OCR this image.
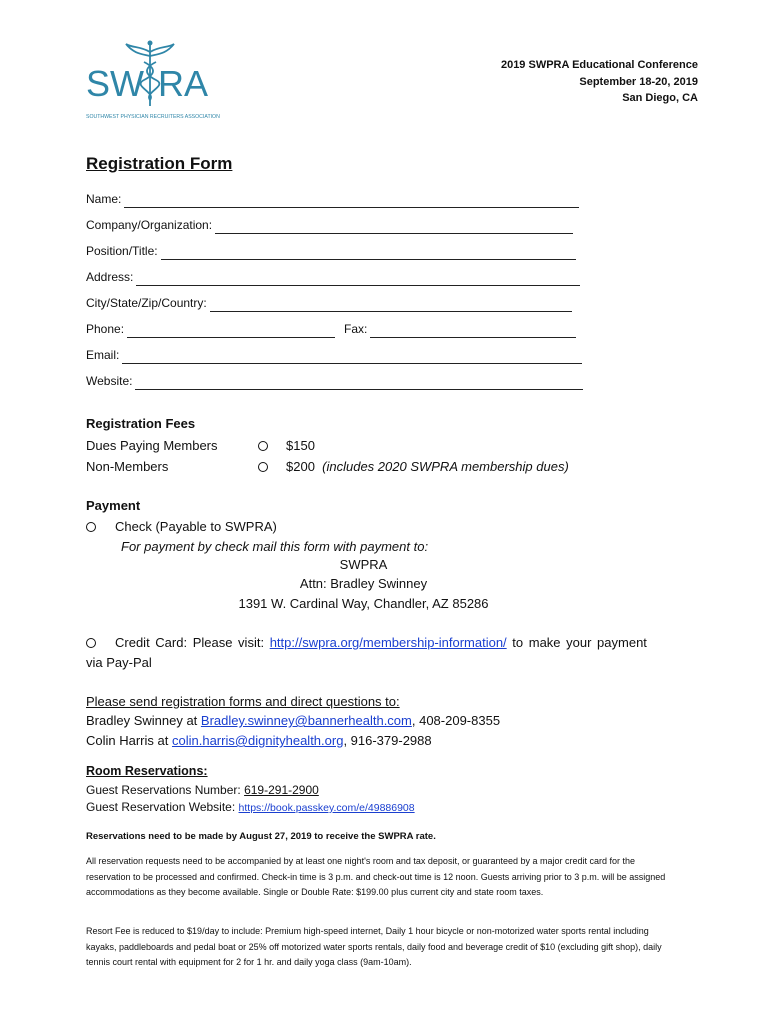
SW RA
SOUTHWEST PHYSICIAN RECRUITERS ASSOCIATION
2019 SWPRA Educational Conference
September 18-20, 2019
San Diego, CA
Registration Form
Name:
Company/Organization:
Position/Title:
Address:
City/State/Zip/Country:
Phone:	Fax:
Email:
Website:
Registration Fees
Dues Paying Members	$150
Non-Members	$200 (includes 2020 SWPRA membership dues)
Payment
Check (Payable to SWPRA)
For payment by check mail this form with payment to:
SWPRA
Attn: Bradley Swinney
1391 W. Cardinal Way, Chandler, AZ 85286
Credit Card: Please visit: http://swpra.org/membership-information/ to make your payment
via Pay-Pal
Please send registration forms and direct questions to:
Bradley Swinney at Bradley.swinney@bannerhealth.com, 408-209-8355
Colin Harris at colin.harris@dignityhealth.org, 916-379-2988
Room Reservations:
Guest Reservations Number: 619-291-2900
Guest Reservation Website: https://book.passkey.com/e/49886908
Reservations need to be made by August 27, 2019 to receive the SWPRA rate.
All reservation requests need to be accompanied by at least one night's room and tax deposit, or guaranteed by a major credit card for the reservation to be processed and confirmed. Check-in time is 3 p.m. and check-out time is 12 noon. Guests arriving prior to 3 p.m. will be assigned accommodations as they become available. Single or Double Rate: $199.00 plus current city and state room taxes.
Resort Fee is reduced to $19/day to include: Premium high-speed internet, Daily 1 hour bicycle or non-motorized water sports rental including kayaks, paddleboards and pedal boat or 25% off motorized water sports rentals, daily food and beverage credit of $10 (excluding gift shop), daily tennis court rental with equipment for 2 for 1 hr. and daily yoga class (9am-10am).
